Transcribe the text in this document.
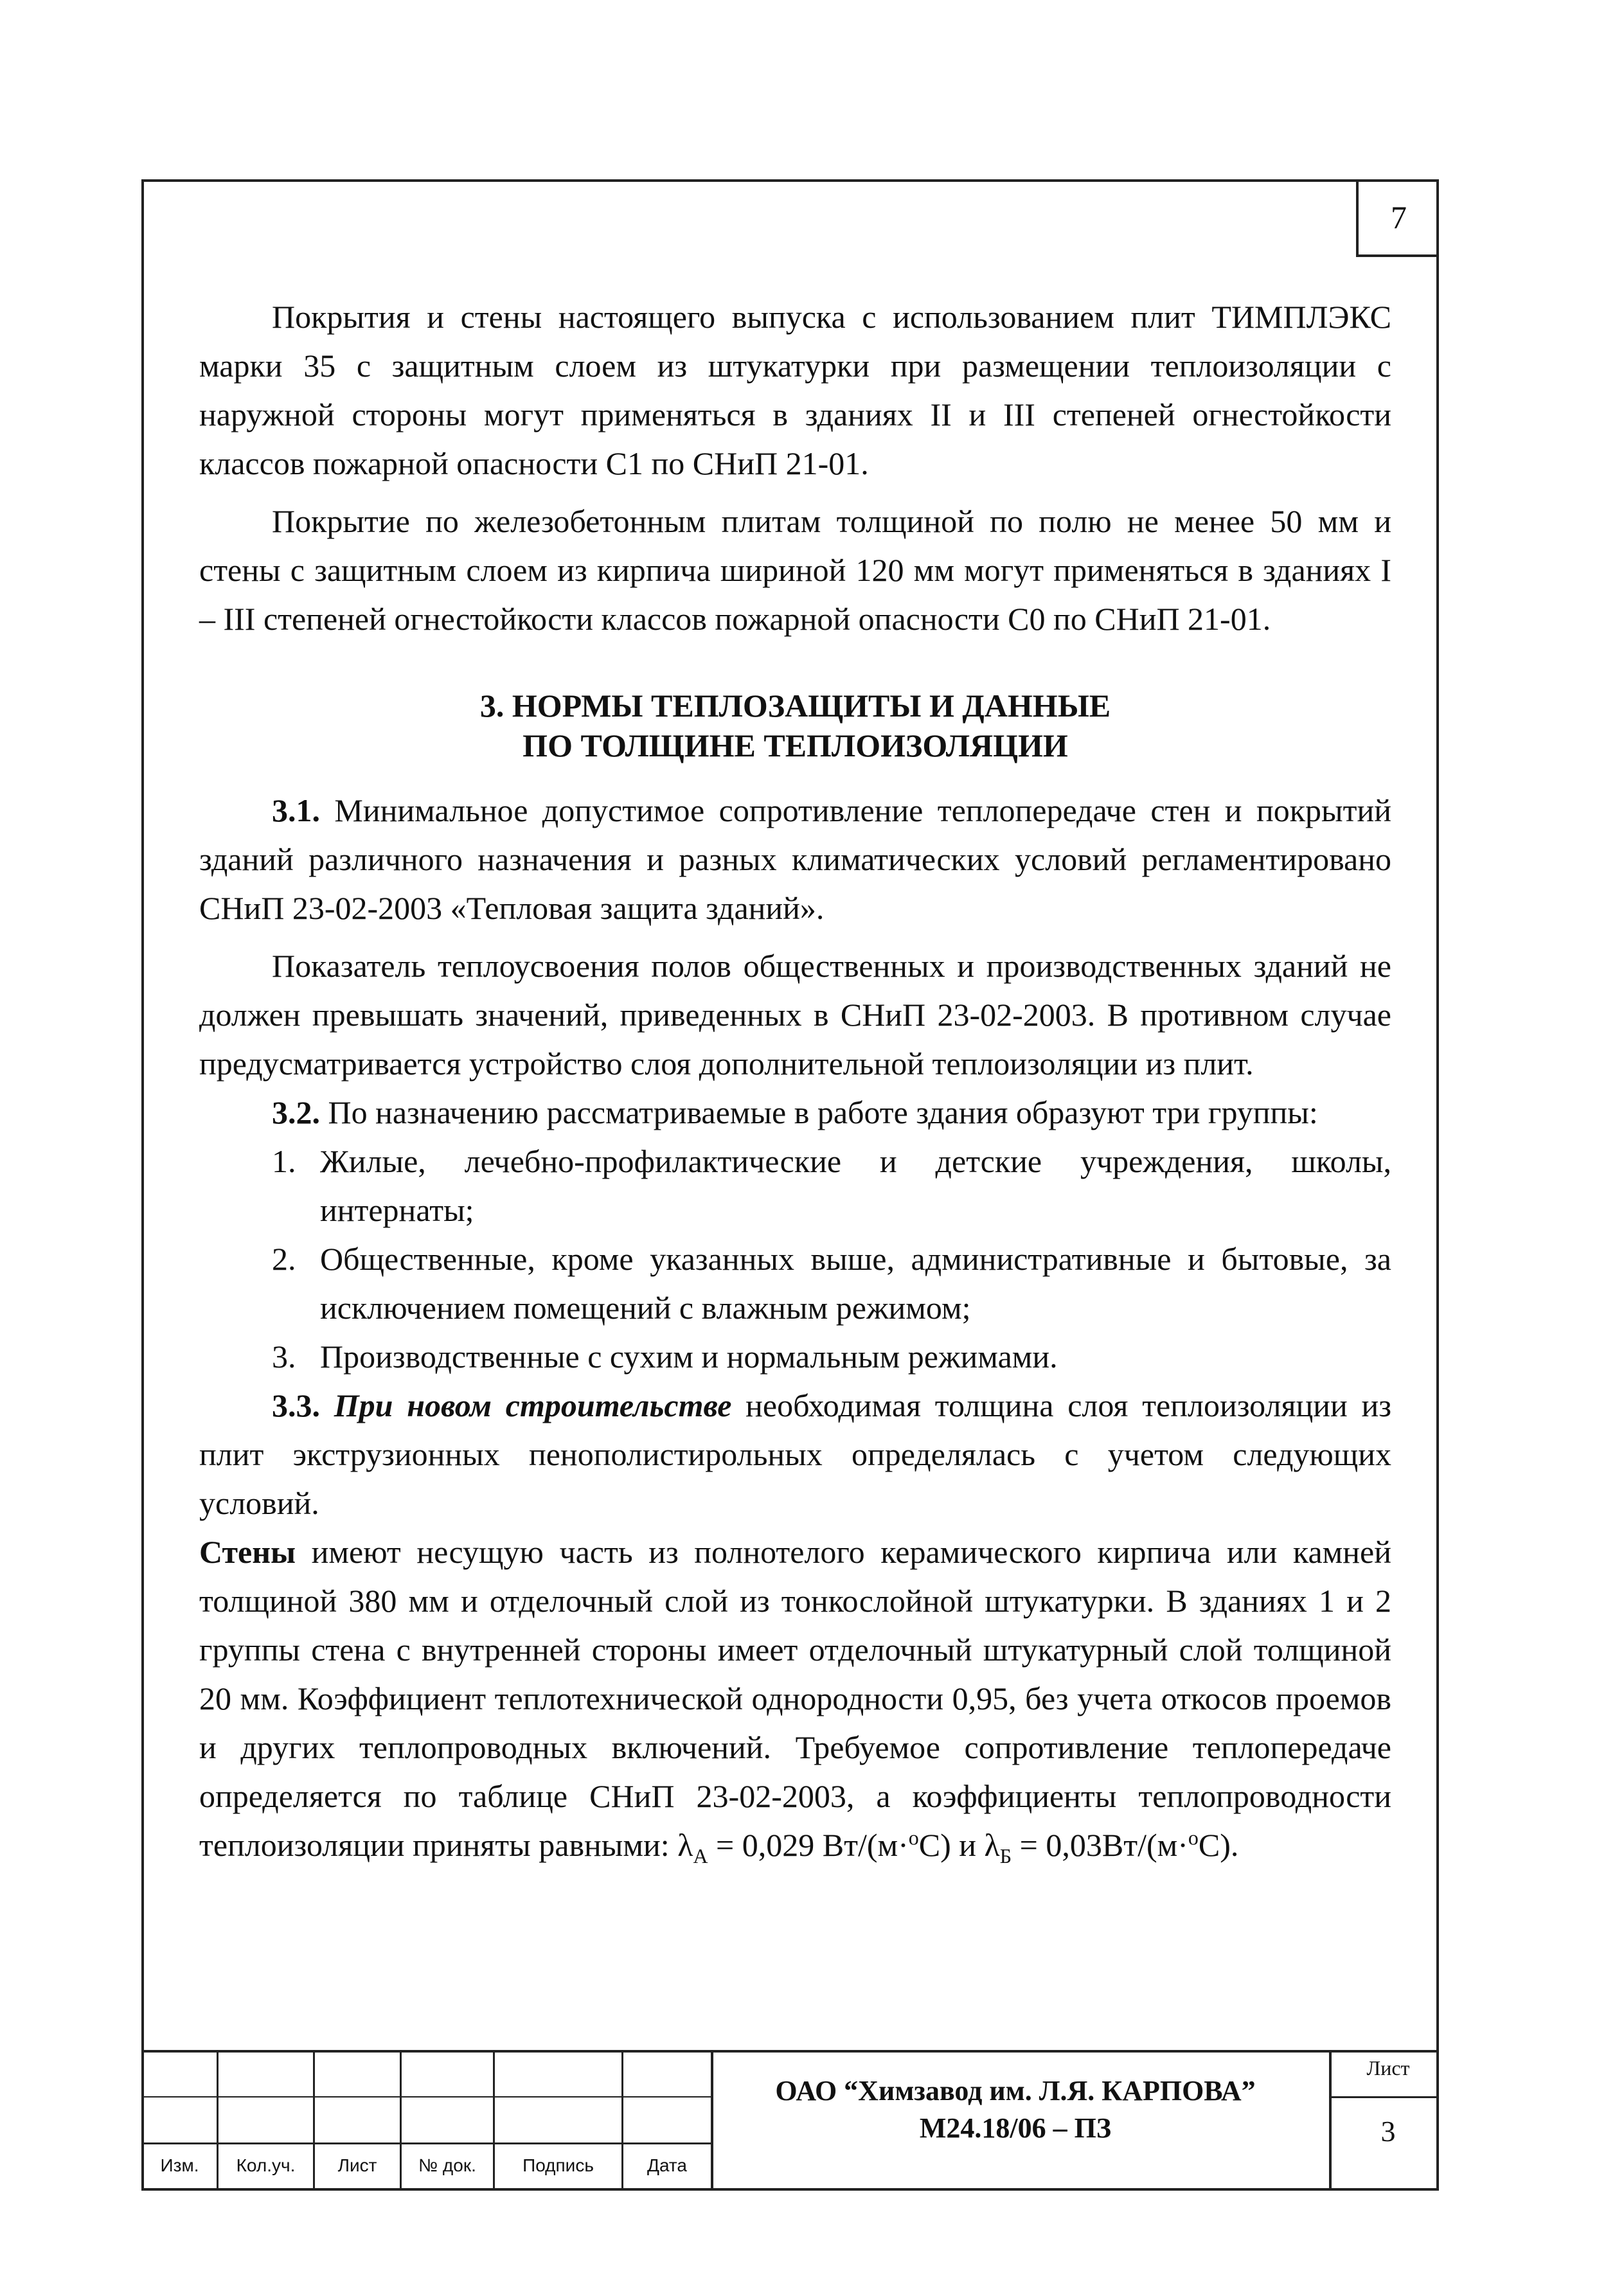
7

Покрытия и стены настоящего выпуска с использованием плит ТИМПЛЭКС марки 35 с защитным слоем из штукатурки при размещении теплоизоляции с наружной стороны могут применяться в зданиях II и III степеней огнестойкости классов пожарной опасности С1 по СНиП 21-01.

Покрытие по железобетонным плитам толщиной по полю не менее 50 мм и стены с защитным слоем из кирпича шириной 120 мм могут применяться в зданиях I – III степеней огнестойкости классов пожарной опасности С0 по СНиП 21-01.

3. НОРМЫ ТЕПЛОЗАЩИТЫ И ДАННЫЕ
ПО ТОЛЩИНЕ ТЕПЛОИЗОЛЯЦИИ

3.1. Минимальное допустимое сопротивление теплопередаче стен и покрытий зданий различного назначения и разных климатических условий регламентировано СНиП 23-02-2003 «Тепловая защита зданий».

Показатель теплоусвоения полов общественных и производственных зданий не должен превышать значений, приведенных в СНиП 23-02-2003. В противном случае предусматривается устройство слоя дополнительной теплоизоляции из плит.

3.2. По назначению рассматриваемые в работе здания образуют три группы:

1. Жилые, лечебно-профилактические и детские учреждения, школы, интернаты;
2. Общественные, кроме указанных выше, административные и бытовые, за исключением помещений с влажным режимом;
3. Производственные с сухим и нормальным режимами.

3.3. При новом строительстве необходимая толщина слоя теплоизоляции из плит экструзионных пенополистирольных определялась с учетом следующих условий.

Стены имеют несущую часть из полнотелого керамического кирпича или камней толщиной 380 мм и отделочный слой из тонкослойной штукатурки. В зданиях 1 и 2 группы стена с внутренней стороны имеет отделочный штукатурный слой толщиной 20 мм. Коэффициент теплотехнической однородности 0,95, без учета откосов проемов и других теплопроводных включений. Требуемое сопротивление теплопередаче определяется по таблице СНиП 23-02-2003, а коэффициенты теплопроводности теплоизоляции приняты равными: $\lambda_А = 0,029$ Вт/(м·$^о$С) и $\lambda_Б = 0,03Вт/(м\cdot^оС)$.

Изм.	Кол.уч.	Лист	№ док.	Подпись	Дата
ОАО “Химзавод им. Л.Я. КАРПОВА”
М24.18/06 – ПЗ
Лист
3
